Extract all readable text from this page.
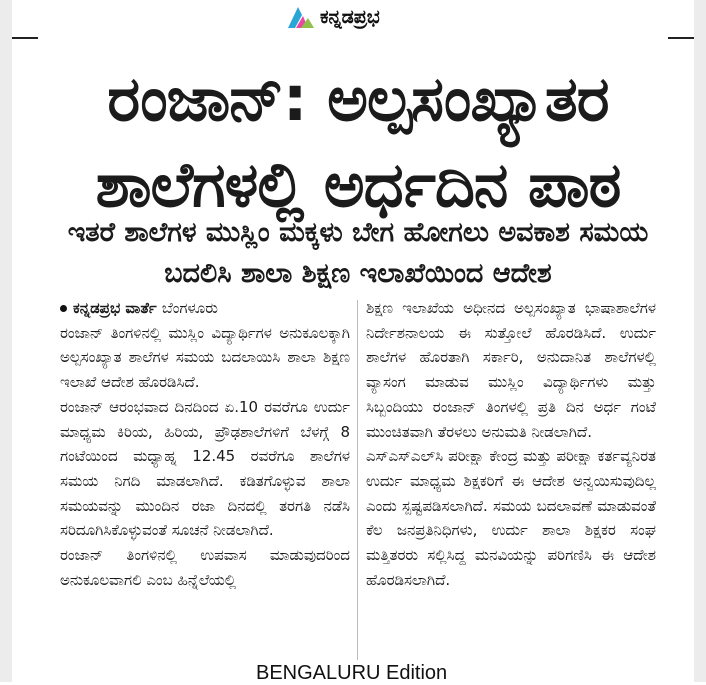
ಕನ್ನಡಪ್ರಭ
ರಂಜಾನ್: ಅಲ್ಪಸಂಖ್ಯಾತರ ಶಾಲೆಗಳಲ್ಲಿ ಅರ್ಧದಿನ ಪಾಠ
ಇತರೆ ಶಾಲೆಗಳ ಮುಸ್ಲಿಂ ಮಕ್ಕಳು ಬೇಗ ಹೋಗಲು ಅವಕಾಶ ಸಮಯ ಬದಲಿಸಿ ಶಾಲಾ ಶಿಕ್ಷಣ ಇಲಾಖೆಯಿಂದ ಆದೇಶ

ಕನ್ನಡಪ್ರಭ ವಾರ್ತೆ ಬೆಂಗಳೂರು

ರಂಜಾನ್ ತಿಂಗಳಿನಲ್ಲಿ ಮುಸ್ಲಿಂ ವಿದ್ಯಾರ್ಥಿಗಳ ಅನುಕೂಲಕ್ಕಾಗಿ ಅಲ್ಪಸಂಖ್ಯಾತ ಶಾಲೆಗಳ ಸಮಯ ಬದಲಾಯಿಸಿ ಶಾಲಾ ಶಿಕ್ಷಣ ಇಲಾಖೆ ಆದೇಶ ಹೊರಡಿಸಿದೆ.

ರಂಜಾನ್ ಆರಂಭವಾದ ದಿನದಿಂದ ಏ.10 ರವರೆಗೂ ಉರ್ದು ಮಾಧ್ಯಮ ಕಿರಿಯ, ಹಿರಿಯ, ಪ್ರೌಢಶಾಲೆಗಳಿಗೆ ಬೆಳಗ್ಗೆ 8 ಗಂಟೆಯಿಂದ ಮಧ್ಯಾಹ್ನ 12.45 ರವರೆಗೂ ಶಾಲೆಗಳ ಸಮಯ ನಿಗದಿ ಮಾಡಲಾಗಿದೆ. ಕಡಿತಗೊಳ್ಳುವ ಶಾಲಾ ಸಮಯವನ್ನು ಮುಂದಿನ ರಜಾ ದಿನದಲ್ಲಿ ತರಗತಿ ನಡೆಸಿ ಸರಿದೂಗಿಸಿಕೊಳ್ಳುವಂತೆ ಸೂಚನೆ ನೀಡಲಾಗಿದೆ.

ರಂಜಾನ್ ತಿಂಗಳಿನಲ್ಲಿ ಉಪವಾಸ ಮಾಡುವುದರಿಂದ ಅನುಕೂಲವಾಗಲಿ ಎಂಬ ಹಿನ್ನೆಲೆಯಲ್ಲಿ

ಶಿಕ್ಷಣ ಇಲಾಖೆಯ ಅಧೀನದ ಅಲ್ಪಸಂಖ್ಯಾತ ಭಾಷಾಶಾಲೆಗಳ ನಿರ್ದೇಶನಾಲಯ ಈ ಸುತ್ತೋಲೆ ಹೊರಡಿಸಿದೆ. ಉರ್ದು ಶಾಲೆಗಳ ಹೊರತಾಗಿ ಸರ್ಕಾರಿ, ಅನುದಾನಿತ ಶಾಲೆಗಳಲ್ಲಿ ವ್ಯಾಸಂಗ ಮಾಡುವ ಮುಸ್ಲಿಂ ವಿದ್ಯಾರ್ಥಿಗಳು ಮತ್ತು ಸಿಬ್ಬಂದಿಯು ರಂಜಾನ್ ತಿಂಗಳಲ್ಲಿ ಪ್ರತಿ ದಿನ ಅರ್ಧ ಗಂಟೆ ಮುಂಚಿತವಾಗಿ ತೆರಳಲು ಅನುಮತಿ ನೀಡಲಾಗಿದೆ.

ಎಸ್‌ಎಸ್‌ಎಲ್‌ಸಿ ಪರೀಕ್ಷಾ ಕೇಂದ್ರ ಮತ್ತು ಪರೀಕ್ಷಾ ಕರ್ತವ್ಯನಿರತ ಉರ್ದು ಮಾಧ್ಯಮ ಶಿಕ್ಷಕರಿಗೆ ಈ ಆದೇಶ ಅನ್ವಯಿಸುವುದಿಲ್ಲ ಎಂದು ಸ್ಪಷ್ಟಪಡಿಸಲಾಗಿದೆ. ಸಮಯ ಬದಲಾವಣೆ ಮಾಡುವಂತೆ ಕೆಲ ಜನಪ್ರತಿನಿಧಿಗಳು, ಉರ್ದು ಶಾಲಾ ಶಿಕ್ಷಕರ ಸಂಘ ಮತ್ತಿತರರು ಸಲ್ಲಿಸಿದ್ದ ಮನವಿಯನ್ನು ಪರಿಗಣಿಸಿ ಈ ಆದೇಶ ಹೊರಡಿಸಲಾಗಿದೆ.

BENGALURU Edition
